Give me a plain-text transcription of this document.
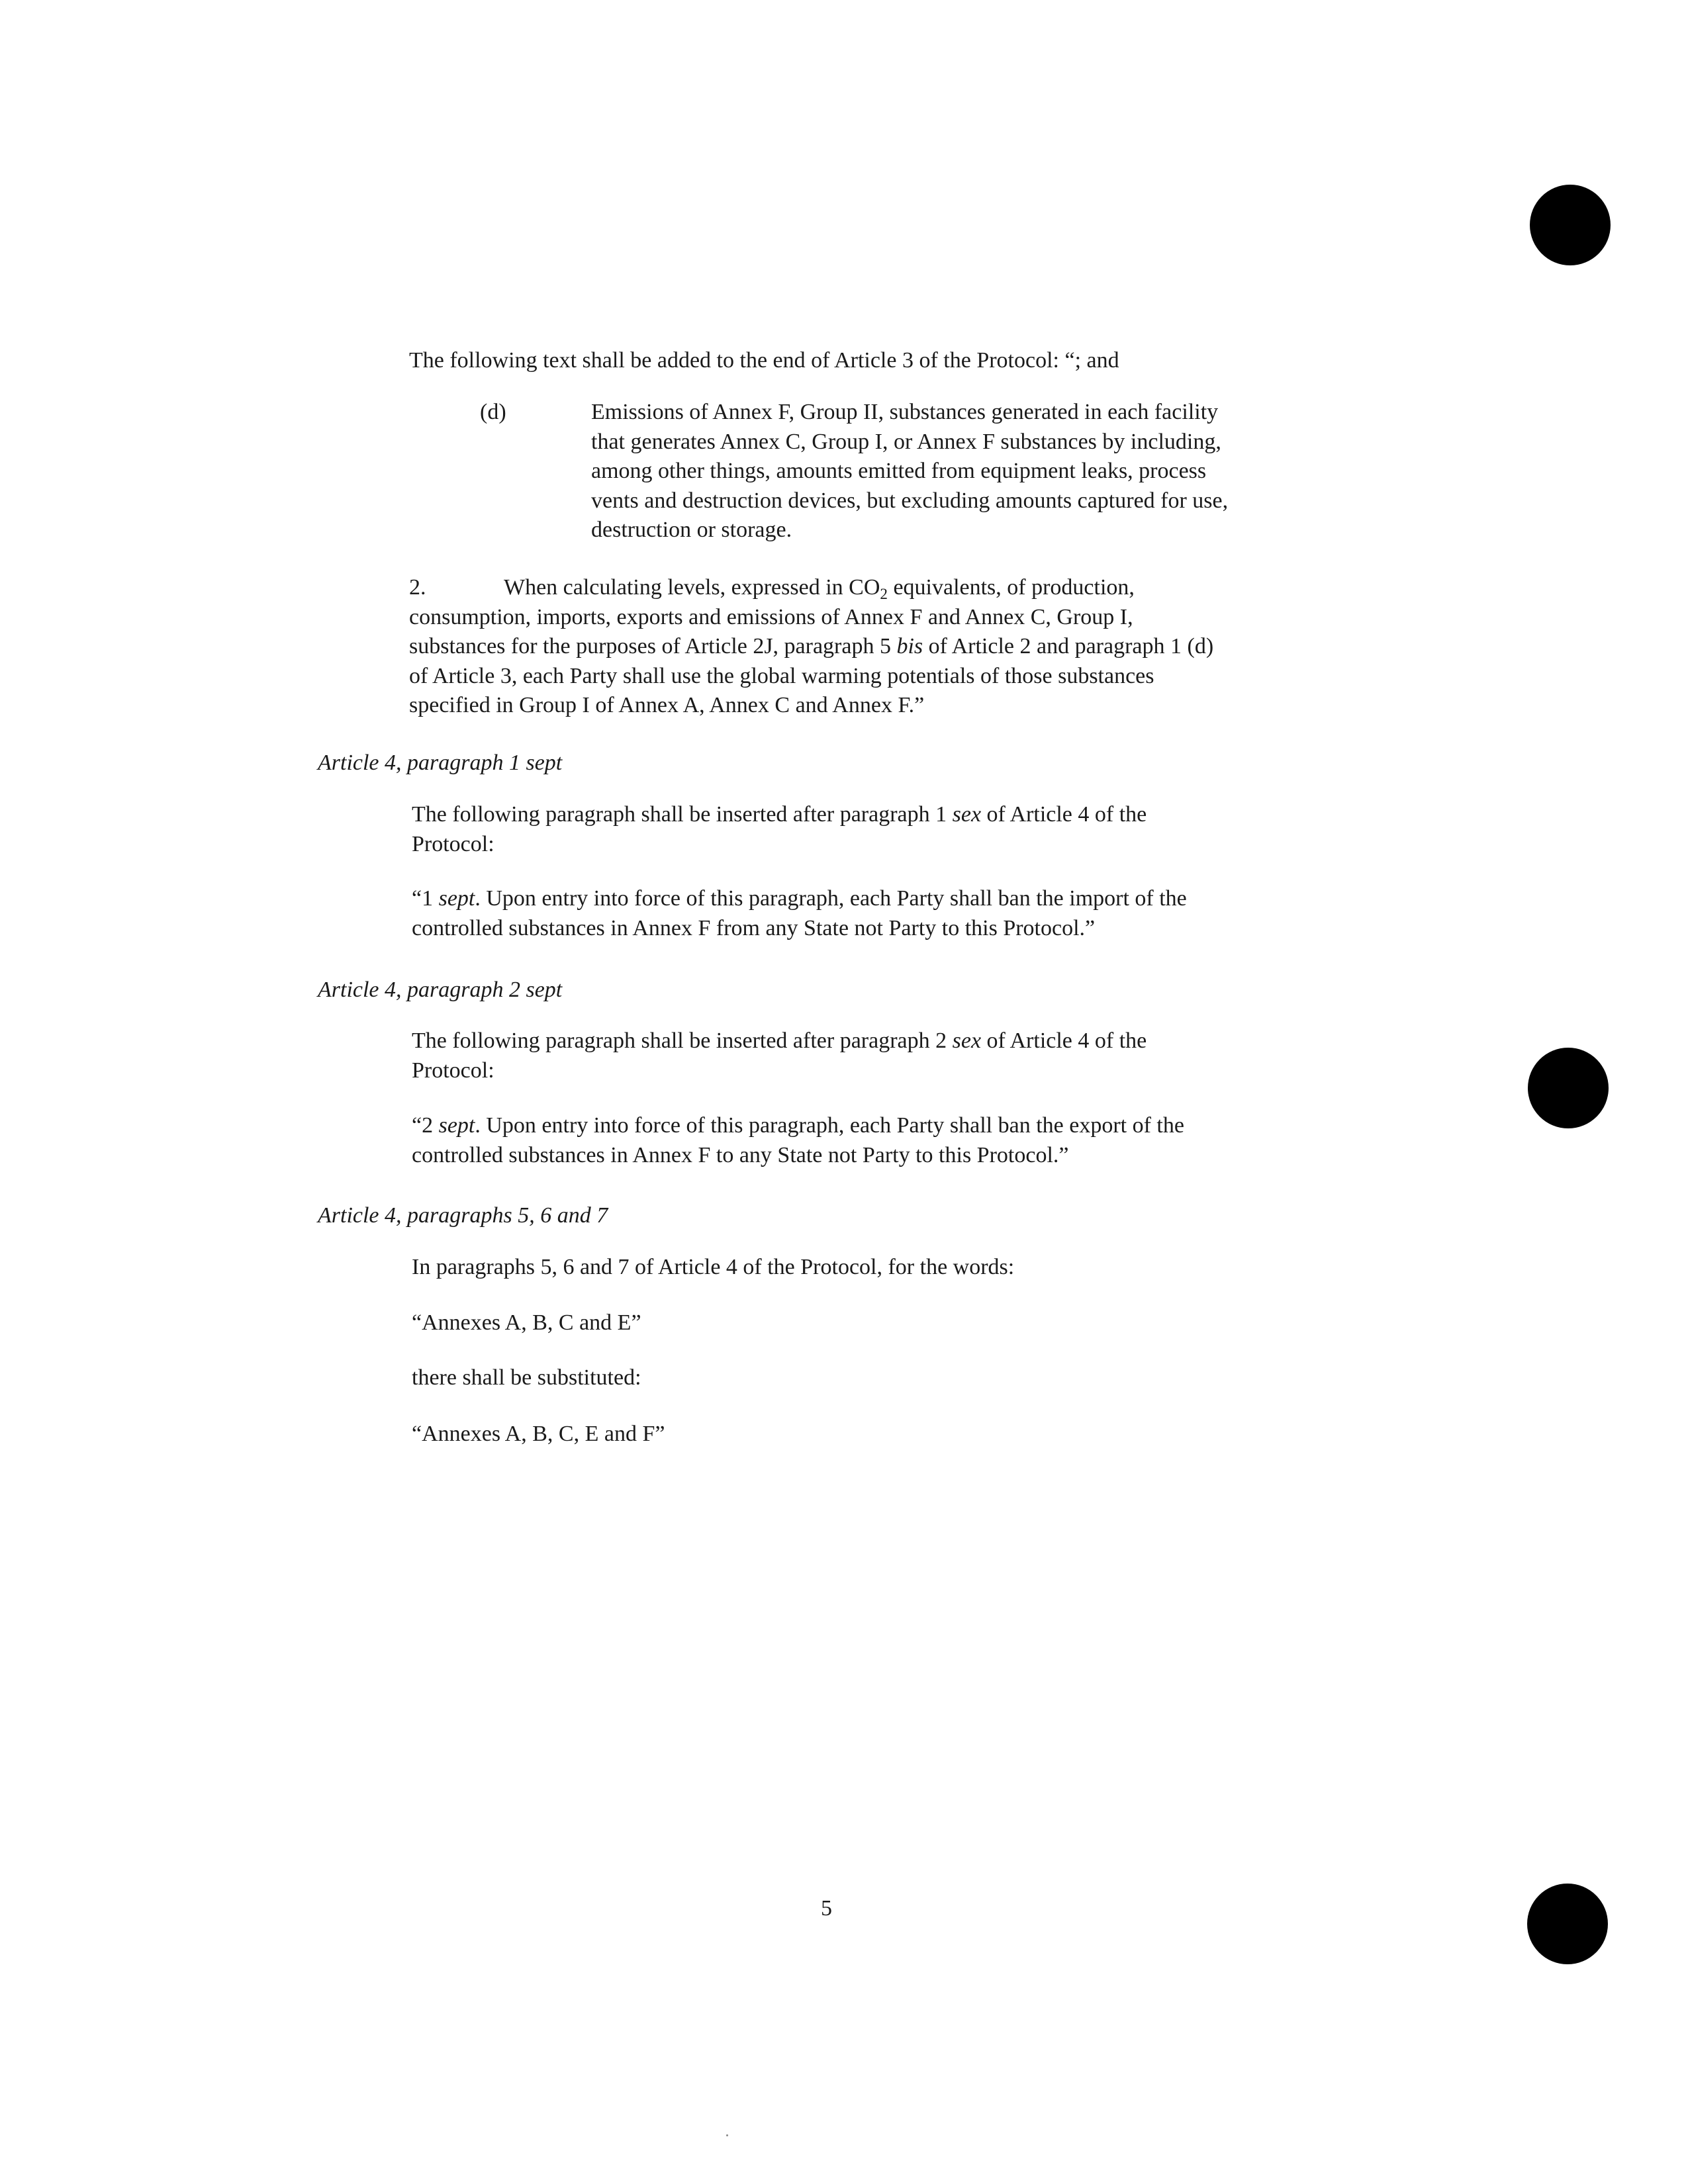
The following text shall be added to the end of Article 3 of the Protocol: “; and
(d)	Emissions of Annex F, Group II, substances generated in each facility
that generates Annex C, Group I, or Annex F substances by including,
among other things, amounts emitted from equipment leaks, process
vents and destruction devices, but excluding amounts captured for use,
destruction or storage.
2.	When calculating levels, expressed in $CO_2$ equivalents, of production,
consumption, imports, exports and emissions of Annex F and Annex C, Group I,
substances for the purposes of Article 2J, paragraph 5 bis of Article 2 and paragraph 1 (d)
of Article 3, each Party shall use the global warming potentials of those substances
specified in Group I of Annex A, Annex C and Annex F.”
Article 4, paragraph 1 sept
The following paragraph shall be inserted after paragraph 1 sex of Article 4 of the
Protocol:
“1 sept. Upon entry into force of this paragraph, each Party shall ban the import of the
controlled substances in Annex F from any State not Party to this Protocol.”
Article 4, paragraph 2 sept
The following paragraph shall be inserted after paragraph 2 sex of Article 4 of the
Protocol:
“2 sept. Upon entry into force of this paragraph, each Party shall ban the export of the
controlled substances in Annex F to any State not Party to this Protocol.”
Article 4, paragraphs 5, 6 and 7
In paragraphs 5, 6 and 7 of Article 4 of the Protocol, for the words:
“Annexes A, B, C and E”
there shall be substituted:
“Annexes A, B, C, E and F”
5
